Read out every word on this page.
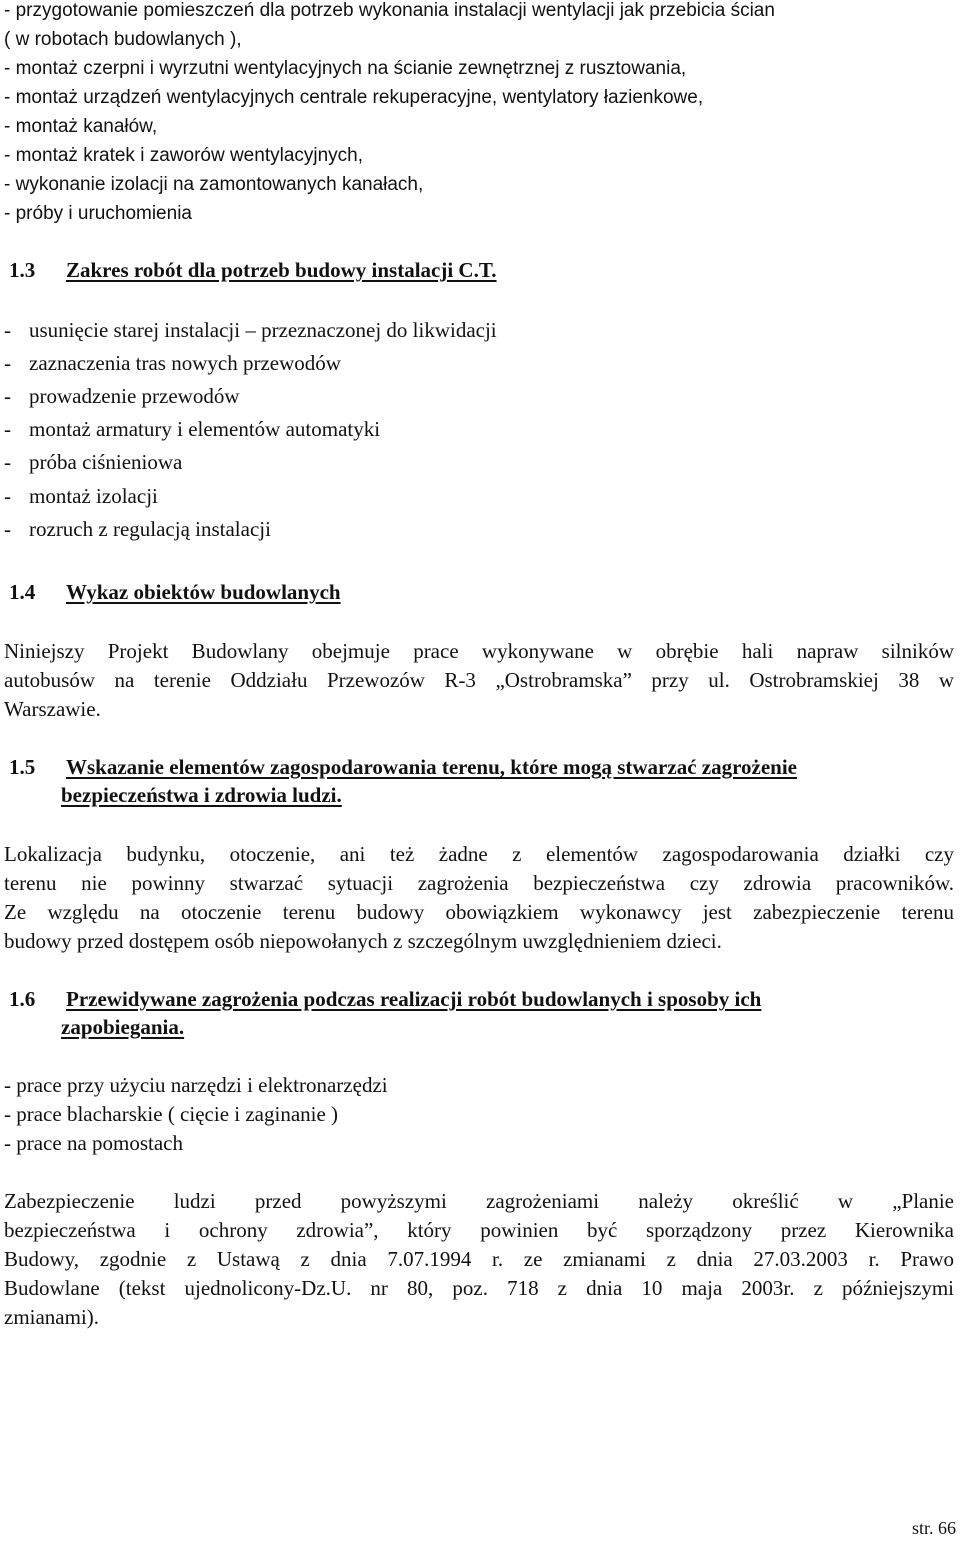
- przygotowanie pomieszczeń dla potrzeb wykonania instalacji wentylacji jak przebicia ścian
( w robotach budowlanych ),
- montaż czerpni i wyrzutni wentylacyjnych na ścianie zewnętrznej z rusztowania,
- montaż urządzeń wentylacyjnych centrale rekuperacyjne, wentylatory łazienkowe,
- montaż kanałów,
- montaż kratek i zaworów wentylacyjnych,
- wykonanie izolacji na zamontowanych kanałach,
- próby i uruchomienia
1.3 Zakres robót dla potrzeb budowy instalacji C.T.
- usunięcie starej instalacji – przeznaczonej do likwidacji
- zaznaczenia tras nowych przewodów
- prowadzenie przewodów
- montaż armatury i elementów automatyki
- próba ciśnieniowa
- montaż izolacji
- rozruch z regulacją instalacji
1.4 Wykaz obiektów budowlanych
Niniejszy Projekt Budowlany obejmuje prace wykonywane w obrębie hali napraw silników
autobusów na terenie Oddziału Przewozów R-3 „Ostrobramska” przy ul. Ostrobramskiej 38 w
Warszawie.
1.5 Wskazanie elementów zagospodarowania terenu, które mogą stwarzać zagrożenie
bezpieczeństwa i zdrowia ludzi.
Lokalizacja budynku, otoczenie, ani też żadne z elementów zagospodarowania działki czy
terenu nie powinny stwarzać sytuacji zagrożenia bezpieczeństwa czy zdrowia pracowników.
Ze względu na otoczenie terenu budowy obowiązkiem wykonawcy jest zabezpieczenie terenu
budowy przed dostępem osób niepowołanych z szczególnym uwzględnieniem dzieci.
1.6 Przewidywane zagrożenia podczas realizacji robót budowlanych i sposoby ich
zapobiegania.
- prace przy użyciu narzędzi i elektronarzędzi
- prace blacharskie ( cięcie i zaginanie )
- prace na pomostach
Zabezpieczenie ludzi przed powyższymi zagrożeniami należy określić w „Planie
bezpieczeństwa i ochrony zdrowia”, który powinien być sporządzony przez Kierownika
Budowy, zgodnie z Ustawą z dnia 7.07.1994 r. ze zmianami z dnia 27.03.2003 r. Prawo
Budowlane (tekst ujednolicony-Dz.U. nr 80, poz. 718 z dnia 10 maja 2003r. z późniejszymi
zmianami).
str. 66
